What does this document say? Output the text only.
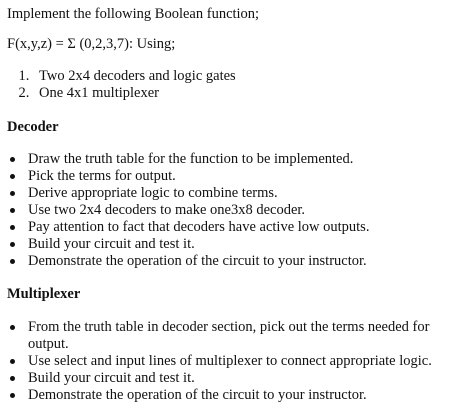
Implement the following Boolean function;

F(x,y,z) = Σ (0,2,3,7): Using;

1. Two 2x4 decoders and logic gates
2. One 4x1 multiplexer
Decoder
Draw the truth table for the function to be implemented.
Pick the terms for output.
Derive appropriate logic to combine terms.
Use two 2x4 decoders to make one3x8 decoder.
Pay attention to fact that decoders have active low outputs.
Build your circuit and test it.
Demonstrate the operation of the circuit to your instructor.
Multiplexer
From the truth table in decoder section, pick out the terms needed for output.
Use select and input lines of multiplexer to connect appropriate logic.
Build your circuit and test it.
Demonstrate the operation of the circuit to your instructor.
